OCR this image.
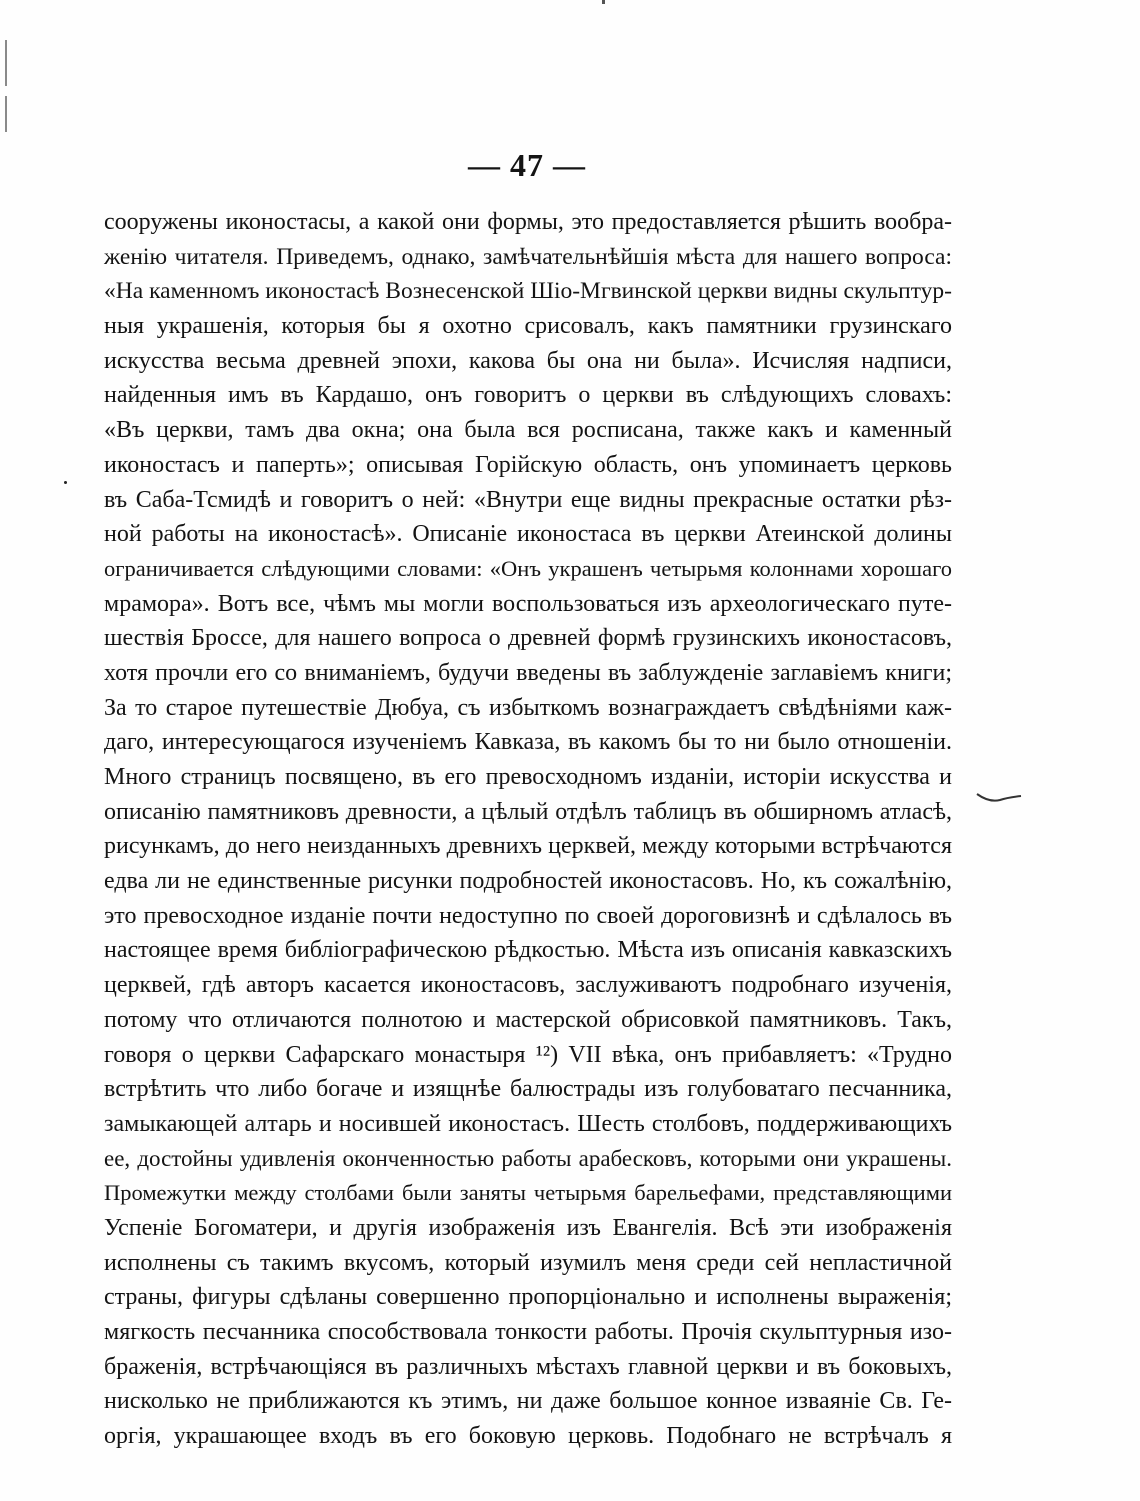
— 47 —
сооружены иконостасы, а какой они формы, это предоставляется рѣшить вообра-
женію читателя. Приведемъ, однако, замѣчательнѣйшія мѣста для нашего вопроса:
«На каменномъ иконостасѣ Вознесенской Шіо-Мгвинской церкви видны скульптур-
ныя украшенія, которыя бы я охотно срисовалъ, какъ памятники грузинскаго
искусства весьма древней эпохи, какова бы она ни была». Исчисляя надписи,
найденныя имъ въ Кардашо, онъ говоритъ о церкви въ слѣдующихъ словахъ:
«Въ церкви, тамъ два окна; она была вся росписана, также какъ и каменный
иконостасъ и паперть»; описывая Горійскую область, онъ упоминаетъ церковь
въ Саба-Тсмидѣ и говоритъ о ней: «Внутри еще видны прекрасные остатки рѣз-
ной работы на иконостасѣ». Описаніе иконостаса въ церкви Атеинской долины
ограничивается слѣдующими словами: «Онъ украшенъ четырьмя колоннами хорошаго
мрамора». Вотъ все, чѣмъ мы могли воспользоваться изъ археологическаго путе-
шествія Броссе, для нашего вопроса о древней формѣ грузинскихъ иконостасовъ,
хотя прочли его со вниманіемъ, будучи введены въ заблужденіе заглавіемъ книги;
За то старое путешествіе Дюбуа, съ избыткомъ вознаграждаетъ свѣдѣніями каж-
даго, интересующагося изученіемъ Кавказа, въ какомъ бы то ни было отношеніи.
Много страницъ посвящено, въ его превосходномъ изданіи, исторіи искусства и
описанію памятниковъ древности, а цѣлый отдѣлъ таблицъ въ обширномъ атласѣ,
рисункамъ, до него неизданныхъ древнихъ церквей, между которыми встрѣчаются
едва ли не единственные рисунки подробностей иконостасовъ. Но, къ сожалѣнію,
это превосходное изданіе почти недоступно по своей дороговизнѣ и сдѣлалось въ
настоящее время библіографическою рѣдкостью. Мѣста изъ описанія кавказскихъ
церквей, гдѣ авторъ касается иконостасовъ, заслуживаютъ подробнаго изученія,
потому что отличаются полнотою и мастерской обрисовкой памятниковъ. Такъ,
говоря о церкви Сафарскаго монастыря ¹²) VII вѣка, онъ прибавляетъ: «Трудно
встрѣтить что либо богаче и изящнѣе балюстрады изъ голубоватаго песчанника,
замыкающей алтарь и носившей иконостасъ. Шесть столбовъ, поддерживающихъ
ее, достойны удивленія оконченностью работы арабесковъ, которыми они украшены.
Промежутки между столбами были заняты четырьмя барельефами, представляющими
Успеніе Богоматери, и другія изображенія изъ Евангелія. Всѣ эти изображенія
исполнены съ такимъ вкусомъ, который изумилъ меня среди сей непластичной
страны, фигуры сдѣланы совершенно пропорціонально и исполнены выраженія;
мягкость песчанника способствовала тонкости работы. Прочія скульптурныя изо-
браженія, встрѣчающіяся въ различныхъ мѣстахъ главной церкви и въ боковыхъ,
нисколько не приближаются къ этимъ, ни даже большое конное изваяніе Св. Ге-
оргія, украшающее входъ въ его боковую церковь. Подобнаго не встрѣчалъ я
